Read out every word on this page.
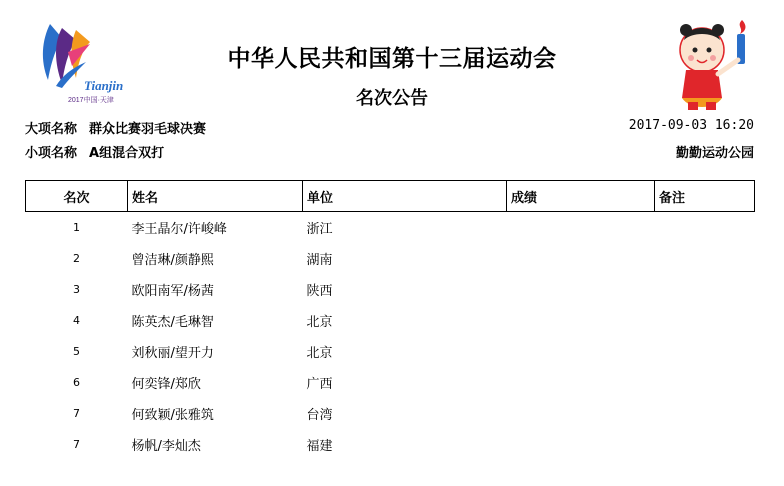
Tianjin
2017中国·天津
中华人民共和国第十三届运动会
名次公告
大项名称 群众比赛羽毛球决赛
小项名称 A组混合双打
2017-09-03 16:20
勤勤运动公园
名次	姓名	单位	成绩	备注
1	李王晶尔/许峻峰	浙江		
2	曾洁琳/颜静熙	湖南		
3	欧阳南军/杨茜	陕西		
4	陈英杰/毛琳智	北京		
5	刘秋丽/望开力	北京		
6	何奕锋/郑欣	广西		
7	何致颖/张雅筑	台湾		
7	杨帆/李灿杰	福建		
